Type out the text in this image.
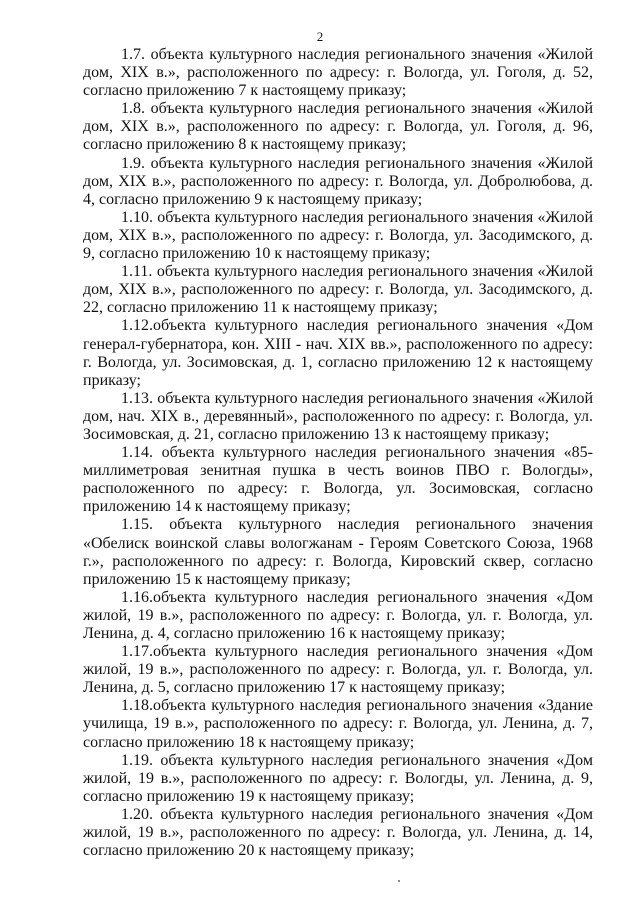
2

1.7. объекта культурного наследия регионального значения «Жилой дом, XIX в.», расположенного по адресу: г. Вологда, ул. Гоголя, д. 52, согласно приложению 7 к настоящему приказу;

1.8. объекта культурного наследия регионального значения «Жилой дом, XIX в.», расположенного по адресу: г. Вологда, ул. Гоголя, д. 96, согласно приложению 8 к настоящему приказу;

1.9. объекта культурного наследия регионального значения «Жилой дом, XIX в.», расположенного по адресу: г. Вологда, ул. Добролюбова, д. 4, согласно приложению 9 к настоящему приказу;

1.10. объекта культурного наследия регионального значения «Жилой дом, XIX в.», расположенного по адресу: г. Вологда, ул. Засодимского, д. 9, согласно приложению 10 к настоящему приказу;

1.11. объекта культурного наследия регионального значения «Жилой дом, XIX в.», расположенного по адресу: г. Вологда, ул. Засодимского, д. 22, согласно приложению 11 к настоящему приказу;

1.12.объекта культурного наследия регионального значения «Дом генерал-губернатора, кон. XIII - нач. XIX вв.», расположенного по адресу: г. Вологда, ул. Зосимовская, д. 1, согласно приложению 12 к настоящему приказу;

1.13. объекта культурного наследия регионального значения «Жилой дом, нач. XIX в., деревянный», расположенного по адресу: г. Вологда, ул. Зосимовская, д. 21, согласно приложению 13 к настоящему приказу;

1.14. объекта культурного наследия регионального значения «85-миллиметровая зенитная пушка в честь воинов ПВО г. Вологды», расположенного по адресу: г. Вологда, ул. Зосимовская, согласно приложению 14 к настоящему приказу;

1.15. объекта культурного наследия регионального значения «Обелиск воинской славы вологжанам - Героям Советского Союза, 1968 г.», расположенного по адресу: г. Вологда, Кировский сквер, согласно приложению 15 к настоящему приказу;

1.16.объекта культурного наследия регионального значения «Дом жилой, 19 в.», расположенного по адресу: г. Вологда, ул. г. Вологда, ул. Ленина, д. 4, согласно приложению 16 к настоящему приказу;

1.17.объекта культурного наследия регионального значения «Дом жилой, 19 в.», расположенного по адресу: г. Вологда, ул. г. Вологда, ул. Ленина, д. 5, согласно приложению 17 к настоящему приказу;

1.18.объекта культурного наследия регионального значения «Здание училища, 19 в.», расположенного по адресу: г. Вологда, ул. Ленина, д. 7, согласно приложению 18 к настоящему приказу;

1.19. объекта культурного наследия регионального значения «Дом жилой, 19 в.», расположенного по адресу: г. Вологды, ул. Ленина, д. 9, согласно приложению 19 к настоящему приказу;

1.20. объекта культурного наследия регионального значения «Дом жилой, 19 в.», расположенного по адресу: г. Вологда, ул. Ленина, д. 14, согласно приложению 20 к настоящему приказу;
